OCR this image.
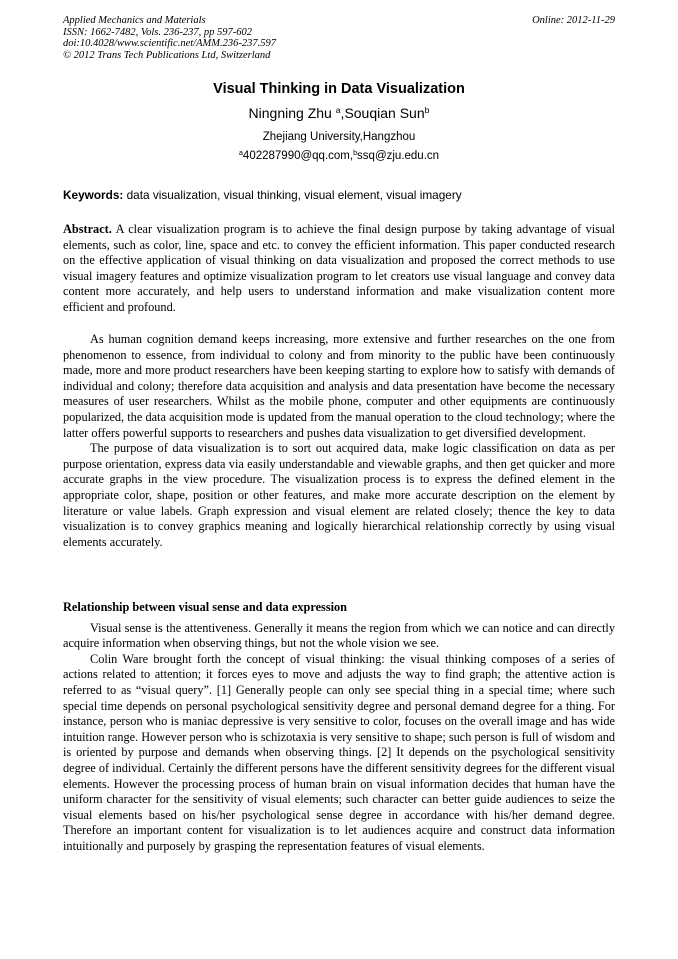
Applied Mechanics and Materials
ISSN: 1662-7482, Vols. 236-237, pp 597-602
doi:10.4028/www.scientific.net/AMM.236-237.597
© 2012 Trans Tech Publications Ltd, Switzerland
Online: 2012-11-29
Visual Thinking in Data Visualization
Ningning Zhu $^a$,Souqian Sun$^b$
Zhejiang University,Hangzhou
$^a$402287990@qq.com,$^b$ssq@zju.edu.cn
Keywords: data visualization, visual thinking, visual element, visual imagery

Abstract. A clear visualization program is to achieve the final design purpose by taking advantage of visual elements, such as color, line, space and etc. to convey the efficient information. This paper conducted research on the effective application of visual thinking on data visualization and proposed the correct methods to use visual imagery features and optimize visualization program to let creators use visual language and convey data content more accurately, and help users to understand information and make visualization content more efficient and profound.

As human cognition demand keeps increasing, more extensive and further researches on the one from phenomenon to essence, from individual to colony and from minority to the public have been continuously made, more and more product researchers have been keeping starting to explore how to satisfy with demands of individual and colony; therefore data acquisition and analysis and data presentation have become the necessary measures of user researchers. Whilst as the mobile phone, computer and other equipments are continuously popularized, the data acquisition mode is updated from the manual operation to the cloud technology; where the latter offers powerful supports to researchers and pushes data visualization to get diversified development.

The purpose of data visualization is to sort out acquired data, make logic classification on data as per purpose orientation, express data via easily understandable and viewable graphs, and then get quicker and more accurate graphs in the view procedure. The visualization process is to express the defined element in the appropriate color, shape, position or other features, and make more accurate description on the element by literature or value labels. Graph expression and visual element are related closely; thence the key to data visualization is to convey graphics meaning and logically hierarchical relationship correctly by using visual elements accurately.

Relationship between visual sense and data expression

Visual sense is the attentiveness. Generally it means the region from which we can notice and can directly acquire information when observing things, but not the whole vision we see.

Colin Ware brought forth the concept of visual thinking: the visual thinking composes of a series of actions related to attention; it forces eyes to move and adjusts the way to find graph; the attentive action is referred to as “visual query”. [1] Generally people can only see special thing in a special time; where such special time depends on personal psychological sensitivity degree and personal demand degree for a thing. For instance, person who is maniac depressive is very sensitive to color, focuses on the overall image and has wide intuition range. However person who is schizotaxia is very sensitive to shape; such person is full of wisdom and is oriented by purpose and demands when observing things. [2] It depends on the psychological sensitivity degree of individual. Certainly the different persons have the different sensitivity degrees for the different visual elements. However the processing process of human brain on visual information decides that human have the uniform character for the sensitivity of visual elements; such character can better guide audiences to seize the visual elements based on his/her psychological sense degree in accordance with his/her demand degree. Therefore an important content for visualization is to let audiences acquire and construct data information intuitionally and purposely by grasping the representation features of visual elements.
